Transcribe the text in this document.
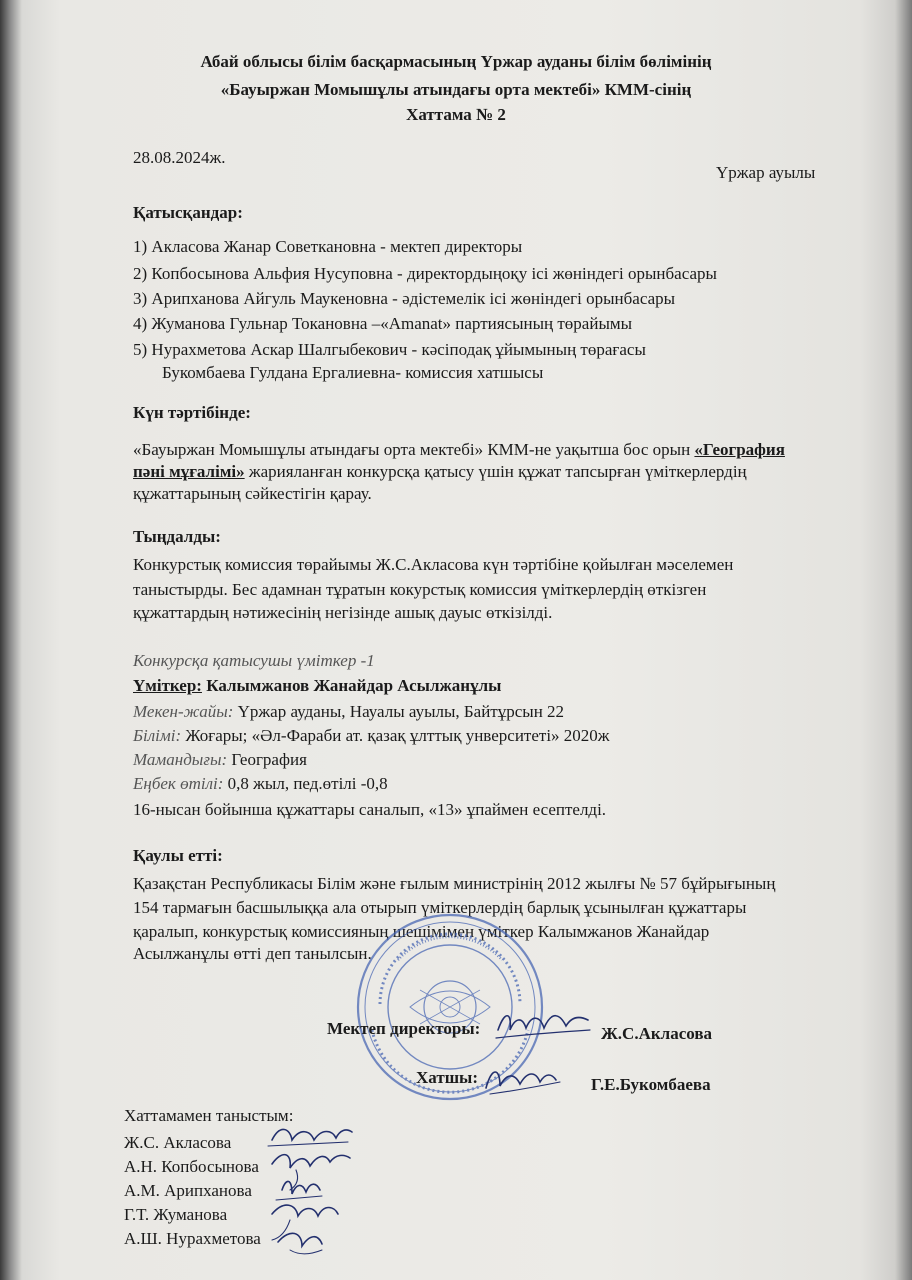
Абай облысы білім басқармасының Үржар ауданы білім бөлімінің
«Бауыржан Момышұлы атындағы орта мектебі» КММ-сінің
Хаттама № 2
28.08.2024ж.
Үржар ауылы
Қатысқандар:
1) Акласова Жанар Советкановна - мектеп директоры
2) Копбосынова Альфия Нусуповна - директордыңоқу ісі жөніндегі орынбасары
3) Арипханова Айгуль Маукеновна - әдістемелік ісі жөніндегі орынбасары
4) Жуманова Гульнар Токановна –«Amanat» партиясының төрайымы
5) Нурахметова Аскар Шалгыбекович - кәсіподақ ұйымының төрағасы
Букомбаева Гулдана Ергалиевна- комиссия хатшысы
Күн тәртібінде:
«Бауыржан Момышұлы атындағы орта мектебі» КММ-не уақытша бос орын «География
пәні мұғалімі» жарияланған конкурсқа қатысу үшін құжат тапсырған үміткерлердің
құжаттарының сәйкестігін қарау.
Тыңдалды:
Конкурстық комиссия төрайымы Ж.С.Акласова күн тәртібіне қойылған мәселемен
таныстырды. Бес адамнан тұратын кокурстық комиссия үміткерлердің өткізген
құжаттардың нәтижесінің негізінде ашық дауыс өткізілді.
Конкурсқа қатысушы үміткер -1
Үміткер: Калымжанов Жанайдар Асылжанұлы
Мекен-жайы: Үржар ауданы, Науалы ауылы, Байтұрсын 22
Білімі: Жоғары; «Әл-Фараби ат. қазақ ұлттық унверситеті» 2020ж
Мамандығы: География
Еңбек өтілі: 0,8 жыл, пед.өтілі -0,8
16-нысан бойынша құжаттары саналып, «13» ұпаймен есептелді.
Қаулы етті:
Қазақстан Республикасы Білім және ғылым министрінің 2012 жылғы № 57 бұйрығының
154 тармағын басшылыққа ала отырып үміткерлердің барлық ұсынылған құжаттары
қаралып, конкурстық комиссияның шешімімен үміткер Калымжанов Жанайдар
Асылжанұлы өтті деп танылсын.
Мектеп директоры:	Ж.С.Акласова
Хатшы:	Г.Е.Букомбаева
Хаттамамен таныстым:
Ж.С. Акласова
А.Н. Копбосынова
А.М. Арипханова
Г.Т. Жуманова
А.Ш. Нурахметова
